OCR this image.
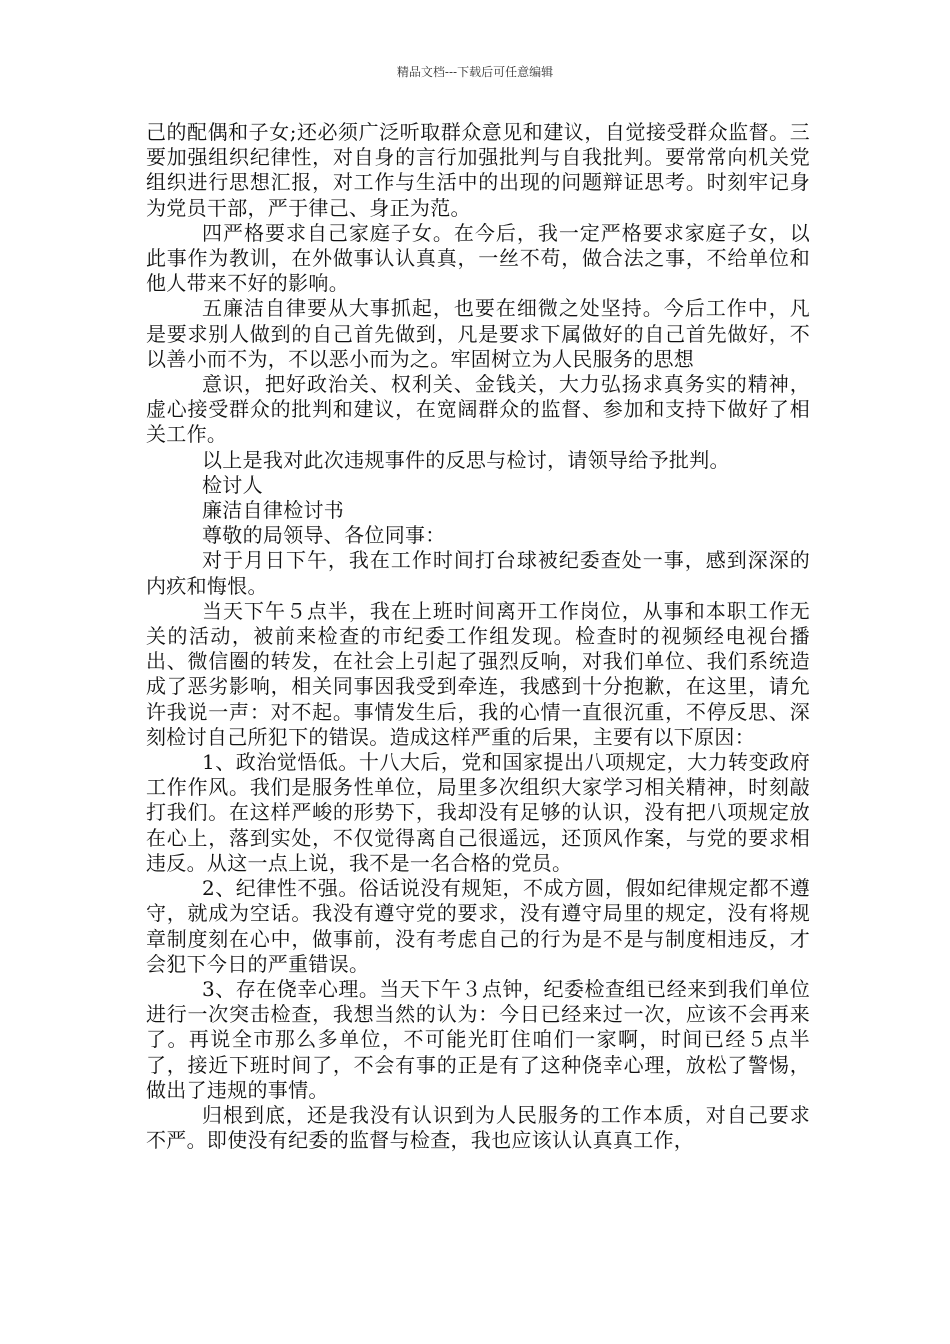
精品文档---下载后可任意编辑

己的配偶和子女;还必须广泛听取群众意见和建议，自觉接受群众监督。三要加强组织纪律性，对自身的言行加强批判与自我批判。要常常向机关党组织进行思想汇报，对工作与生活中的出现的问题辩证思考。时刻牢记身为党员干部，严于律己、身正为范。

四严格要求自己家庭子女。在今后，我一定严格要求家庭子女，以此事作为教训，在外做事认认真真，一丝不苟，做合法之事，不给单位和他人带来不好的影响。

五廉洁自律要从大事抓起，也要在细微之处坚持。今后工作中，凡是要求别人做到的自己首先做到，凡是要求下属做好的自己首先做好，不以善小而不为，不以恶小而为之。牢固树立为人民服务的思想

意识，把好政治关、权利关、金钱关，大力弘扬求真务实的精神，虚心接受群众的批判和建议，在宽阔群众的监督、参加和支持下做好了相关工作。

以上是我对此次违规事件的反思与检讨，请领导给予批判。

检讨人

廉洁自律检讨书

尊敬的局领导、各位同事：

对于月日下午，我在工作时间打台球被纪委查处一事，感到深深的内疚和悔恨。

当天下午５点半，我在上班时间离开工作岗位，从事和本职工作无关的活动，被前来检查的市纪委工作组发现。检查时的视频经电视台播出、微信圈的转发，在社会上引起了强烈反响，对我们单位、我们系统造成了恶劣影响，相关同事因我受到牵连，我感到十分抱歉，在这里，请允许我说一声：对不起。事情发生后，我的心情一直很沉重，不停反思、深刻检讨自己所犯下的错误。造成这样严重的后果，主要有以下原因：

1、政治觉悟低。十八大后，党和国家提出八项规定，大力转变政府工作作风。我们是服务性单位，局里多次组织大家学习相关精神，时刻敲打我们。在这样严峻的形势下，我却没有足够的认识，没有把八项规定放在心上，落到实处，不仅觉得离自己很遥远，还顶风作案，与党的要求相违反。从这一点上说，我不是一名合格的党员。

2、纪律性不强。俗话说没有规矩，不成方圆，假如纪律规定都不遵守，就成为空话。我没有遵守党的要求，没有遵守局里的规定，没有将规章制度刻在心中，做事前，没有考虑自己的行为是不是与制度相违反，才会犯下今日的严重错误。

3、存在侥幸心理。当天下午３点钟，纪委检查组已经来到我们单位进行一次突击检查，我想当然的认为：今日已经来过一次，应该不会再来了。再说全市那么多单位，不可能光盯住咱们一家啊，时间已经５点半了，接近下班时间了，不会有事的正是有了这种侥幸心理，放松了警惕，做出了违规的事情。

归根到底，还是我没有认识到为人民服务的工作本质，对自己要求不严。即使没有纪委的监督与检查，我也应该认认真真工作，
